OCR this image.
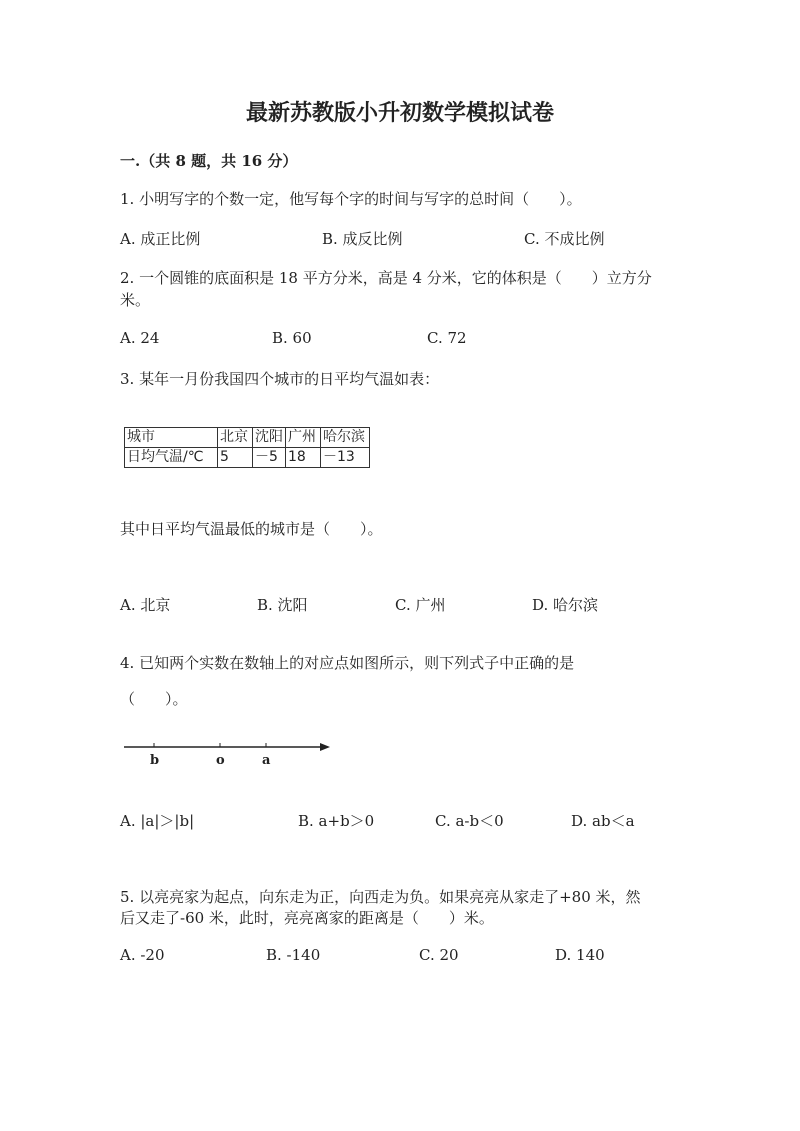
最新苏教版小升初数学模拟试卷
一.（共 8 题，共 16 分）
1. 小明写字的个数一定，他写每个字的时间与写字的总时间（　　）。
A. 成正比例	B. 成反比例	C. 不成比例
2. 一个圆锥的底面积是 18 平方分米，高是 4 分米，它的体积是（　　）立方分
米。
A. 24	B. 60	C. 72
3. 某年一月份我国四个城市的日平均气温如表：
城市	北京	沈阳	广州	哈尔滨
日均气温/℃	5	－5	18	－13
其中日平均气温最低的城市是（　　）。
A. 北京	B. 沈阳	C. 广州	D. 哈尔滨
4. 已知两个实数在数轴上的对应点如图所示，则下列式子中正确的是
（　　）。
b	o	a
A. |a|＞|b|	B. a+b＞0	C. a-b＜0	D. ab＜a
5. 以亮亮家为起点，向东走为正，向西走为负。如果亮亮从家走了+80 米，然
后又走了-60 米，此时，亮亮离家的距离是（　　）米。
A. -20	B. -140	C. 20	D. 140
